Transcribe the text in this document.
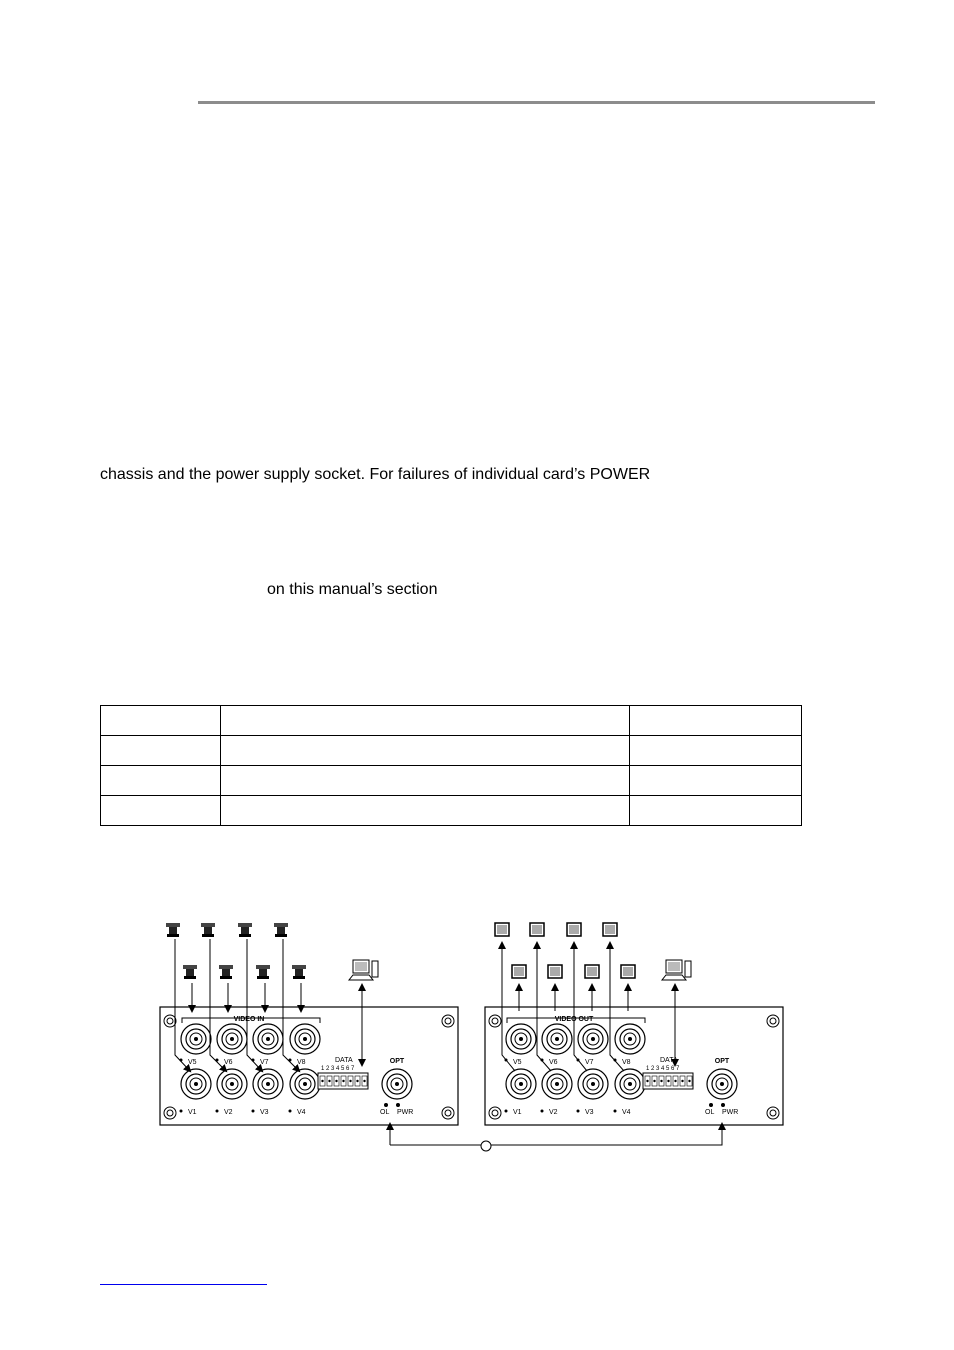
chassis and the power supply socket. For failures of individual card’s POWER
on this manual’s section

VIDEO IN
V5
V1
V6
V2
V7
V3
V8
V4
DATA
1 2 3 4 5 6 7
OPT
OL PWR
VIDEO OUT
V5
V1
V6
V2
V7
V3
V8
V4
DATA
1 2 3 4 5 6 7
OPT
OL PWR
